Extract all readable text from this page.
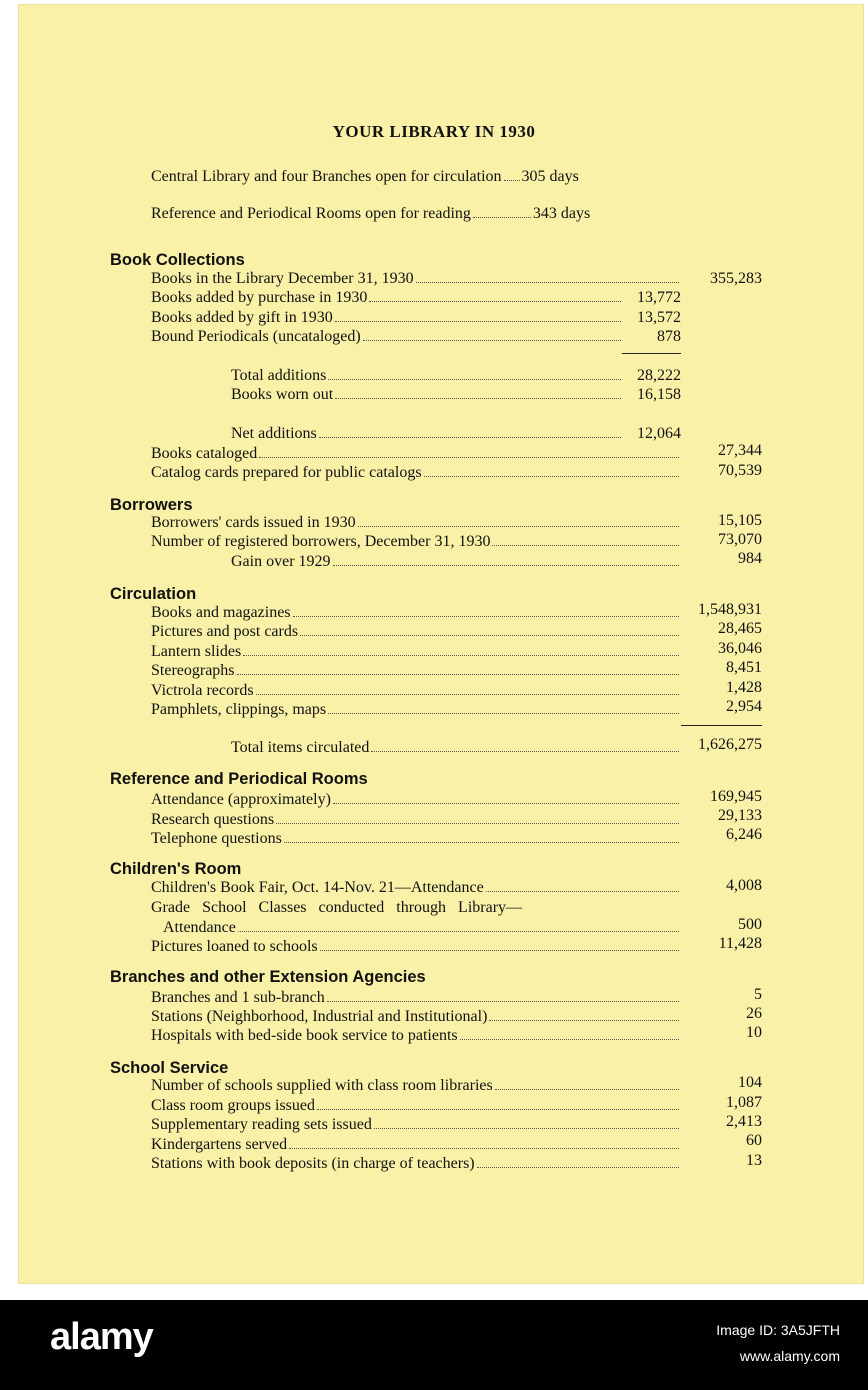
YOUR LIBRARY IN 1930
Central Library and four Branches open for circulation 305 days
Reference and Periodical Rooms open for reading	343 days
Book Collections
Books in the Library December 31, 1930	355,283
Books added by purchase in 1930	13,772
Books added by gift in 1930	13,572
Bound Periodicals (uncataloged)	878
Total additions	28,222
Books worn out	16,158
Net additions	12,064
Books cataloged	27,344
Catalog cards prepared for public catalogs	70,539
Borrowers
Borrowers' cards issued in 1930	15,105
Number of registered borrowers, December 31, 1930	73,070
Gain over 1929	984
Circulation
Books and magazines	1,548,931
Pictures and post cards	28,465
Lantern slides	36,046
Stereographs	8,451
Victrola records	1,428
Pamphlets, clippings, maps	2,954
Total items circulated	1,626,275
Reference and Periodical Rooms
Attendance (approximately)	169,945
Research questions	29,133
Telephone questions	6,246
Children's Room
Children's Book Fair, Oct. 14-Nov. 21—Attendance	4,008
Grade School Classes conducted through Library—
Attendance	500
Pictures loaned to schools	11,428
Branches and other Extension Agencies
Branches and 1 sub-branch	5
Stations (Neighborhood, Industrial and Institutional)	26
Hospitals with bed-side book service to patients	10
School Service
Number of schools supplied with class room libraries	104
Class room groups issued	1,087
Supplementary reading sets issued	2,413
Kindergartens served	60
Stations with book deposits (in charge of teachers)	13
alamy	Image ID: 3A5JFTH
www.alamy.com
